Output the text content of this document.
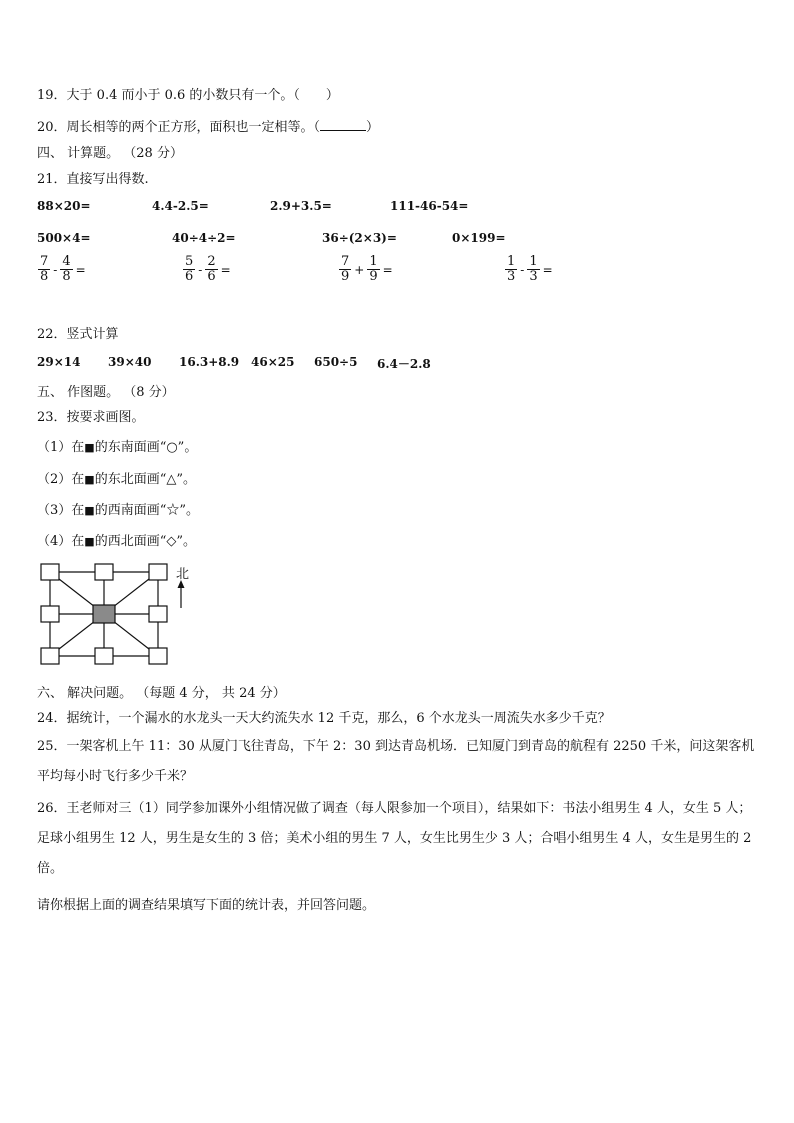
19．大于 0.4 而小于 0.6 的小数只有一个。（　　）
20．周长相等的两个正方形，面积也一定相等。（	）
四、 计算题。 （28 分）
21．直接写出得数.
88×20=	4.4-2.5=	2.9+3.5=	111-46-54=
500×4=	40÷4÷2=	36÷(2×3)=	0×199=
$\frac{7}{8} - \frac{4}{8}$ =	$\frac{5}{6} - \frac{2}{6}$ =	$\frac{7}{9} + \frac{1}{9}$ =	$\frac{1}{3} - \frac{1}{3}$ =
22．竖式计算
29×14 39×40 16.3+8.9 46×25 650÷5 6.4－2.8
五、 作图题。 （8 分）
23．按要求画图。
（1）在■的东南面画“○”。
（2）在■的东北面画“△”。
（3）在■的西南面画“☆”。
（4）在■的西北面画“◇”。
北
六、 解决问题。 （每题 4 分， 共 24 分）
24．据统计，一个漏水的水龙头一天大约流失水 12 千克，那么，6 个水龙头一周流失水多少千克？
25．一架客机上午 11：30 从厦门飞往青岛，下午 2：30 到达青岛机场．已知厦门到青岛的航程有 2250 千米，问这架客机平均每小时飞行多少千米？
26．王老师对三（1）同学参加课外小组情况做了调查（每人限参加一个项目），结果如下：书法小组男生 4 人，女生 5 人；足球小组男生 12 人，男生是女生的 3 倍；美术小组的男生 7 人，女生比男生少 3 人；合唱小组男生 4 人，女生是男生的 2 倍。
请你根据上面的调查结果填写下面的统计表，并回答问题。
